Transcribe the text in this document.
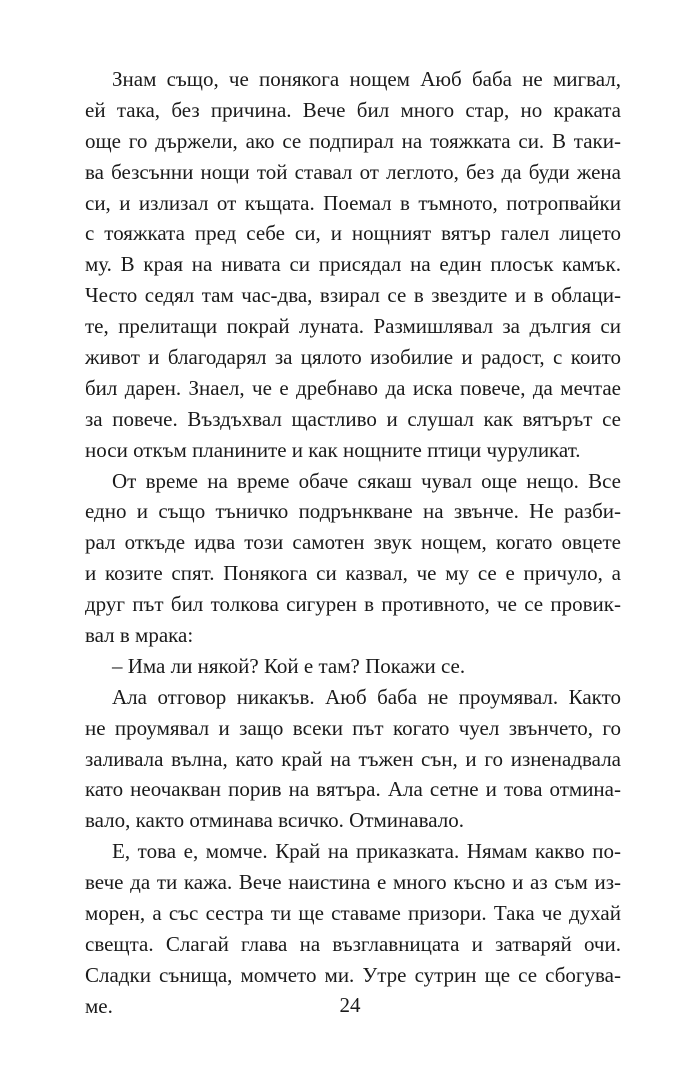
Знам също, че понякога нощем Аюб баба не мигвал,
ей така, без причина. Вече бил много стар, но краката
още го държели, ако се подпирал на тояжката си. В таки-
ва безсънни нощи той ставал от леглото, без да буди жена
си, и излизал от къщата. Поемал в тъмното, потропвайки
с тояжката пред себе си, и нощният вятър галел лицето
му. В края на нивата си присядал на един плосък камък.
Често седял там час-два, взирал се в звездите и в облаци-
те, прелитащи покрай луната. Размишлявал за дългия си
живот и благодарял за цялото изобилие и радост, с които
бил дарен. Знаел, че е дребнаво да иска повече, да мечтае
за повече. Въздъхвал щастливо и слушал как вятърът се
носи откъм планините и как нощните птици чуруликат.
От време на време обаче сякаш чувал още нещо. Все
едно и също тъничко подрънкване на звънче. Не разби-
рал откъде идва този самотен звук нощем, когато овцете
и козите спят. Понякога си казвал, че му се е причуло, а
друг път бил толкова сигурен в противното, че се провик-
вал в мрака:
– Има ли някой? Кой е там? Покажи се.
Ала отговор никакъв. Аюб баба не проумявал. Както
не проумявал и защо всеки път когато чуел звънчето, го
заливала вълна, като край на тъжен сън, и го изненадвала
като неочакван порив на вятъра. Ала сетне и това отмина-
вало, както отминава всичко. Отминавало.
Е, това е, момче. Край на приказката. Нямам какво по-
вече да ти кажа. Вече наистина е много късно и аз съм из-
морен, а със сестра ти ще ставаме призори. Така че духай
свещта. Слагай глава на възглавницата и затваряй очи.
Сладки сънища, момчето ми. Утре сутрин ще се сбогува-
ме.	24
